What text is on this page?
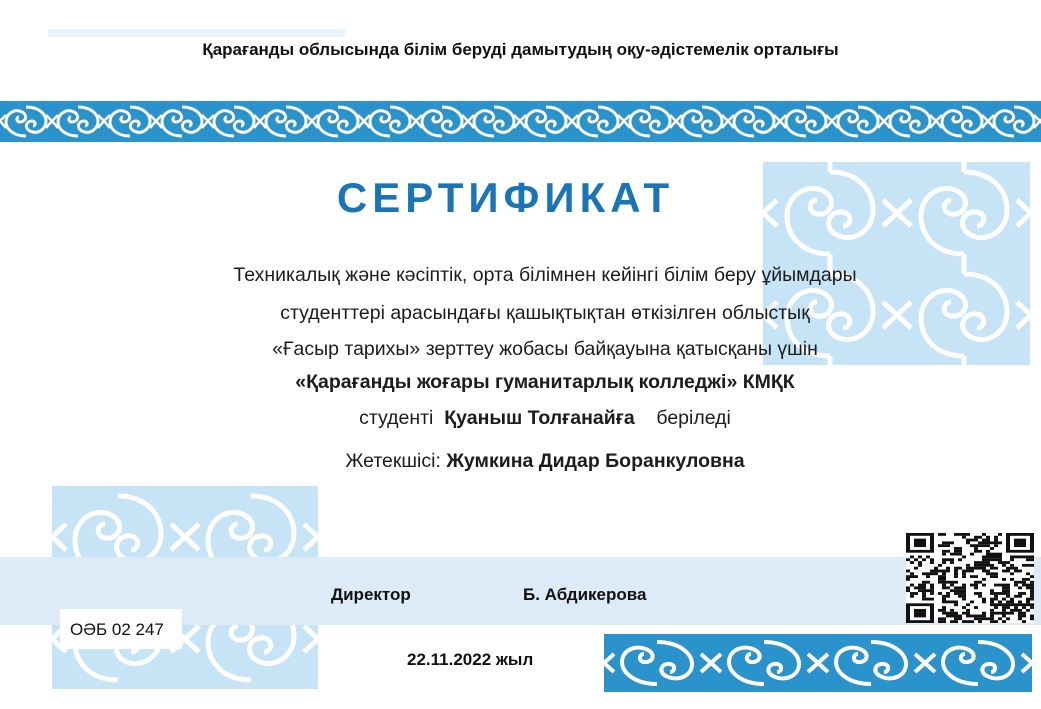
Қарағанды облысында білім беруді дамытудың оқу-әдістемелік орталығы
СЕРТИФИКАТ
Техникалық және кәсіптік, орта білімнен кейінгі білім беру ұйымдары
студенттері арасындағы қашықтықтан өткізілген облыстық
«Ғасыр тарихы» зерттеу жобасы байқауына қатысқаны үшін
«Қарағанды жоғары гуманитарлық колледжі» КМҚК
студенті Қуаныш Толғанайға беріледі
Жетекшісі: Жумкина Дидар Боранкуловна
Директор	Б. Абдикерова
ОӘБ 02 247
22.11.2022 жыл
